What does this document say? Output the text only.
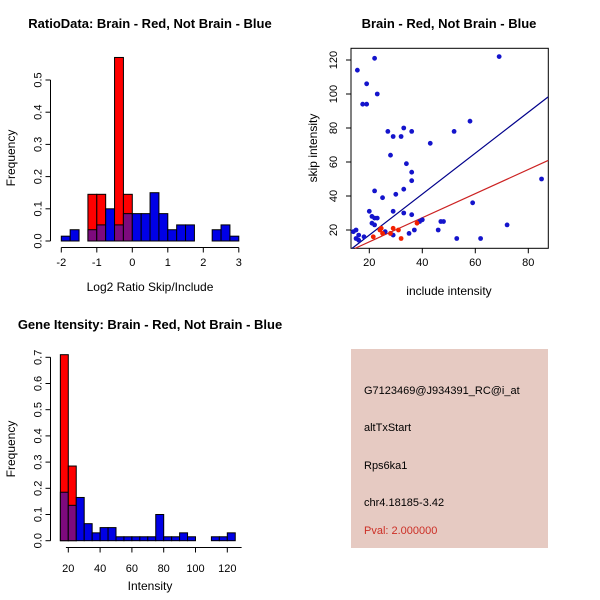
0.0
0.1
0.2
0.3
0.4
0.5
-2 -1	0	1	2	3	20	40	60	80
20
40
60
80
100
120
0.0
0.1
0.2
0.3
0.4
0.5
0.6
0.7
20 40 60 80 100 120
RatioData: Brain - Red, Not Brain - Blue
Log2 Ratio Skip/Include
Frequency
Brain - Red, Not Brain - Blue
include intensity
skip intensity
Gene Itensity: Brain - Red, Not Brain - Blue
Intensity
Frequency
G7123469@J934391_RC@i_at
altTxStart
Rps6ka1
chr4.18185-3.42
Pval: 2.000000
